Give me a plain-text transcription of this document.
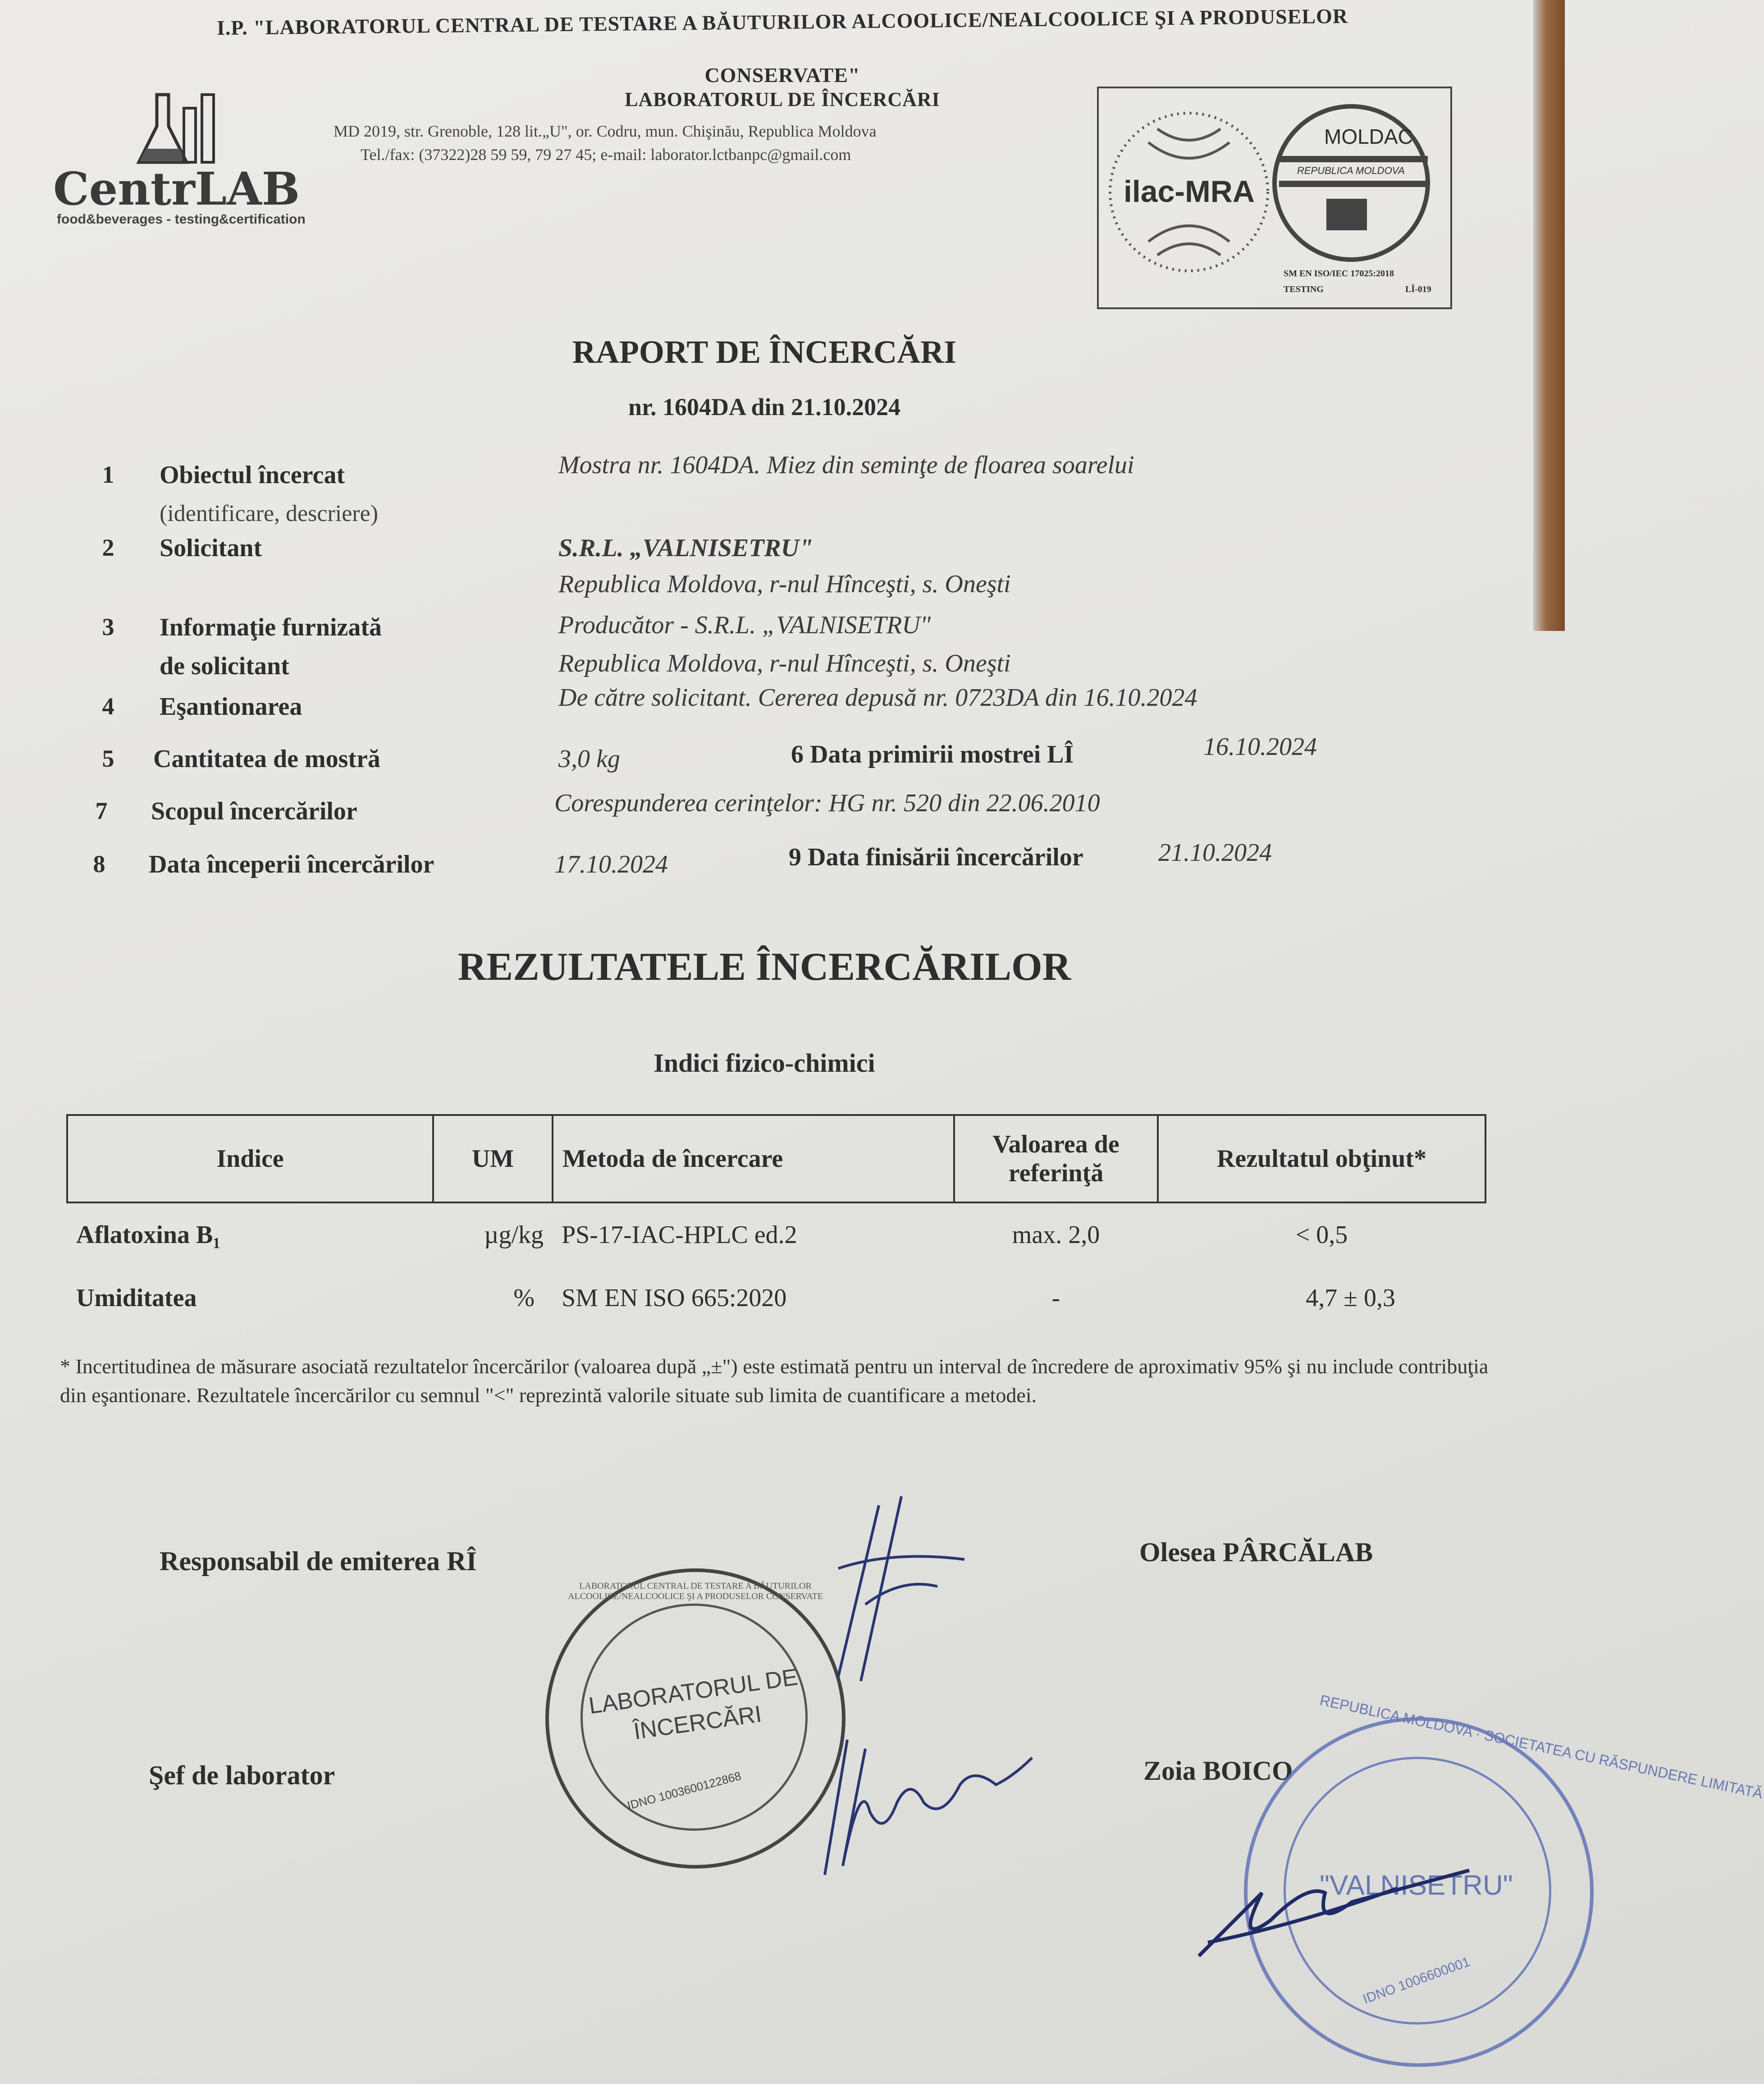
I.P. "LABORATORUL CENTRAL DE TESTARE A BĂUTURILOR ALCOOLICE/NEALCOOLICE ŞI A PRODUSELOR
CONSERVATE"
LABORATORUL DE ÎNCERCĂRI
MD 2019, str. Grenoble, 128 lit.„U", or. Codru, mun. Chişinău, Republica Moldova
Tel./fax: (37322)28 59 59, 79 27 45; e-mail: laborator.lctbanpc@gmail.com
CentrLAB
food&beverages - testing&certification
ilac-MRA
MOLDAC
REPUBLICA MOLDOVA
SM EN ISO/IEC 17025:2018
TESTING	LÎ-019
RAPORT DE ÎNCERCĂRI
nr. 1604DA din 21.10.2024
1 Obiectul încercat
(identificare, descriere)
Mostra nr. 1604DA. Miez din seminţe de floarea soarelui
2 Solicitant	S.R.L. „VALNISETRU"
Republica Moldova, r-nul Hînceşti, s. Oneşti
3 Informaţie furnizată
de solicitant
Producător - S.R.L. „VALNISETRU"
Republica Moldova, r-nul Hînceşti, s. Oneşti
4 Eşantionarea	De către solicitant. Cererea depusă nr. 0723DA din 16.10.2024
5 Cantitatea de mostră	3,0 kg	6 Data primirii mostrei LÎ	16.10.2024
7 Scopul încercărilor	Corespunderea cerinţelor: HG nr. 520 din 22.06.2010
8 Data începerii încercărilor	17.10.2024	9 Data finisării încercărilor	21.10.2024
REZULTATELE ÎNCERCĂRILOR
Indici fizico-chimici
Indice	UM	Metoda de încercare	Valoarea de referinţă	Rezultatul obţinut*
Aflatoxina B₁	µg/kg	PS-17-IAC-HPLC ed.2	max. 2,0	< 0,5
Umiditatea	%	SM EN ISO 665:2020	-	4,7 ± 0,3
* Incertitudinea de măsurare asociată rezultatelor încercărilor (valoarea după „±") este estimată pentru un interval de încredere de aproximativ 95% şi nu include contribuţia din eşantionare. Rezultatele încercărilor cu semnul "<" reprezintă valorile situate sub limita de cuantificare a metodei.
Responsabil de emiterea RÎ	Olesea PÂRCĂLAB
Şef de laborator	Zoia BOICO
LABORATORUL DE ÎNCERCĂRI
IDNO 1003600122868
LABORATORUL CENTRAL DE TESTARE A BĂUTURILOR ALCOOLICE/NEALCOOLICE ŞI A PRODUSELOR CONSERVATE
"VALNISETRU"
REPUBLICA MOLDOVA · SOCIETATEA CU RĂSPUNDERE LIMITATĂ
IDNO 1006600001
